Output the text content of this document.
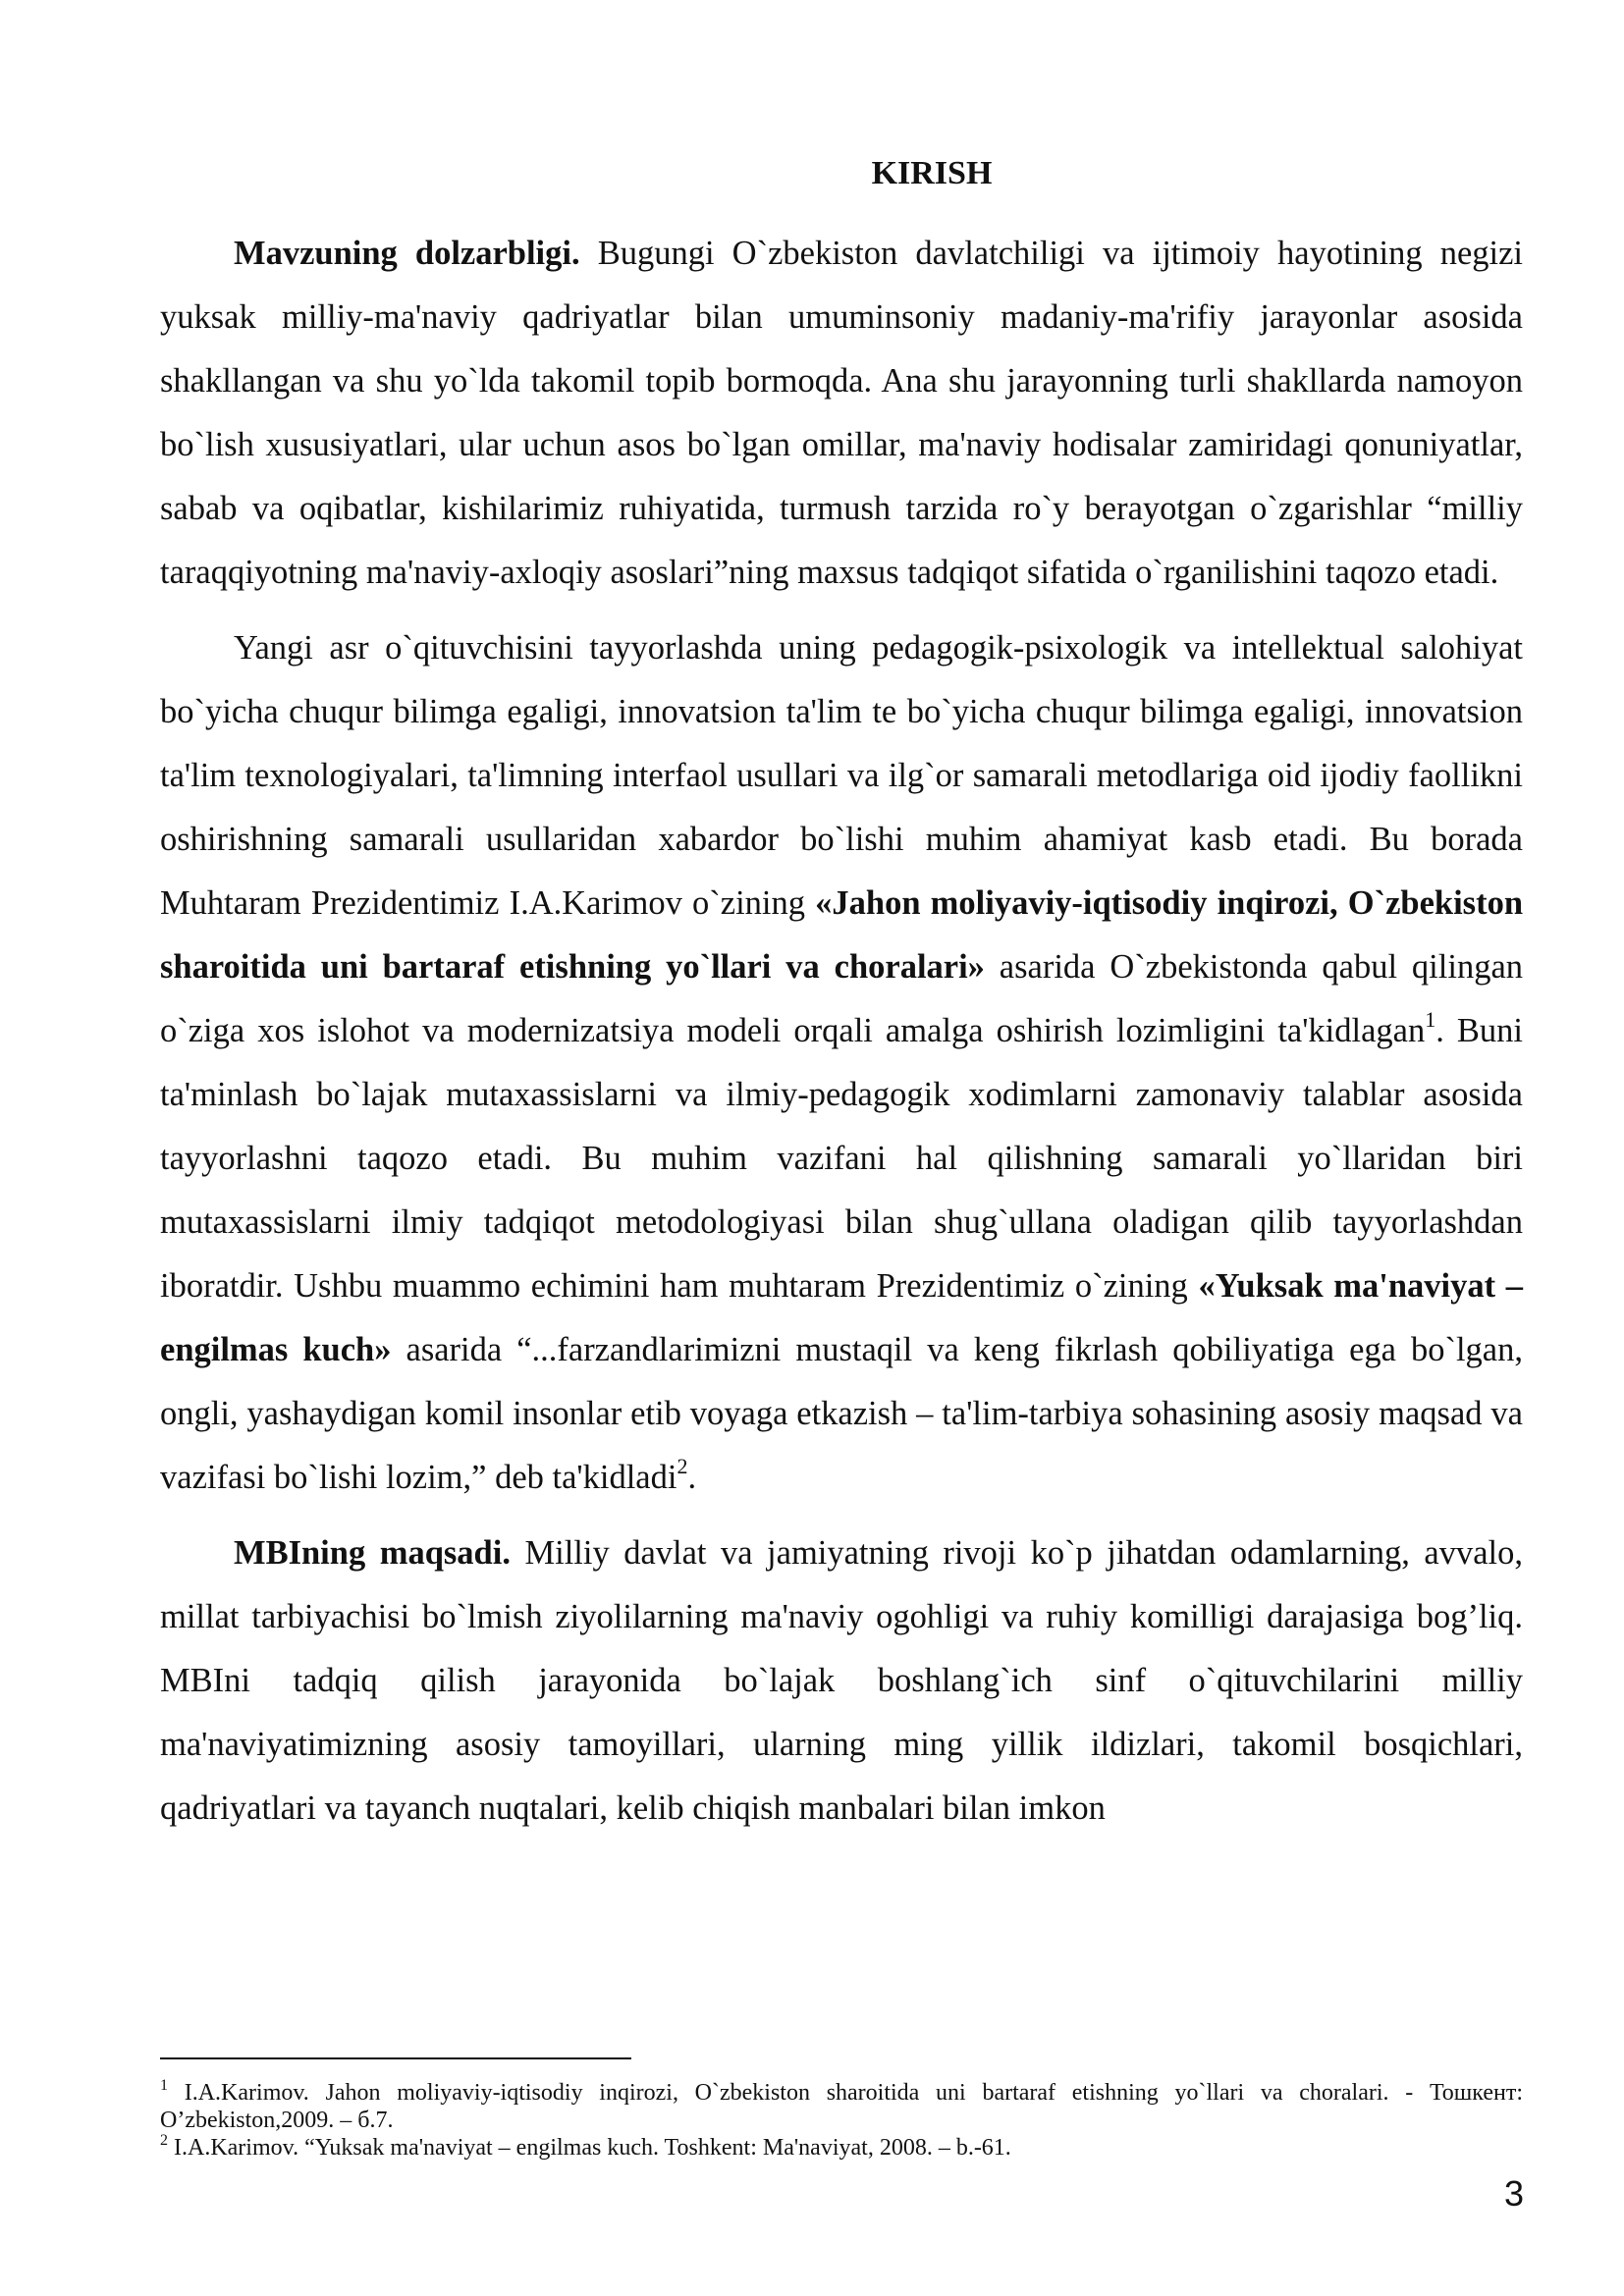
KIRISH

Mavzuning dolzarbligi. Bugungi O`zbekiston davlatchiligi va ijtimoiy hayotining negizi yuksak milliy-ma'naviy qadriyatlar bilan umuminsoniy madaniy-ma'rifiy jarayonlar asosida shakllangan va shu yo`lda takomil topib bormoqda. Ana shu jarayonning turli shakllarda namoyon bo`lish xususiyatlari, ular uchun asos bo`lgan omillar, ma'naviy hodisalar zamiridagi qonuniyatlar, sabab va oqibatlar, kishilarimiz ruhiyatida, turmush tarzida ro`y berayotgan o`zgarishlar “milliy taraqqiyotning ma'naviy-axloqiy asoslari”ning maxsus tadqiqot sifatida o`rganilishini taqozo etadi.

Yangi asr o`qituvchisini tayyorlashda uning pedagogik-psixologik va intellektual salohiyat bo`yicha chuqur bilimga egaligi, innovatsion ta'lim te bo`yicha chuqur bilimga egaligi, innovatsion ta'lim texnologiyalari, ta'limning interfaol usullari va ilg`or samarali metodlariga oid ijodiy faollikni oshirishning samarali usullaridan xabardor bo`lishi muhim ahamiyat kasb etadi. Bu borada Muhtaram Prezidentimiz I.A.Karimov o`zining «Jahon moliyaviy-iqtisodiy inqirozi, O`zbekiston sharoitida uni bartaraf etishning yo`llari va choralari» asarida O`zbekistonda qabul qilingan o`ziga xos islohot va modernizatsiya modeli orqali amalga oshirish lozimligini ta'kidlagan$^1$. Buni ta'minlash bo`lajak mutaxassislarni va ilmiy-pedagogik xodimlarni zamonaviy talablar asosida tayyorlashni taqozo etadi. Bu muhim vazifani hal qilishning samarali yo`llaridan biri mutaxassislarni ilmiy tadqiqot metodologiyasi bilan shug`ullana oladigan qilib tayyorlashdan iboratdir. Ushbu muammo echimini ham muhtaram Prezidentimiz o`zining «Yuksak ma'naviyat – engilmas kuch» asarida “...farzandlarimizni mustaqil va keng fikrlash qobiliyatiga ega bo`lgan, ongli, yashaydigan komil insonlar etib voyaga etkazish – ta'lim-tarbiya sohasining asosiy maqsad va vazifasi bo`lishi lozim,” deb ta'kidladi$^2$.

MBIning maqsadi. Milliy davlat va jamiyatning rivoji ko`p jihatdan odamlarning, avvalo, millat tarbiyachisi bo`lmish ziyolilarning ma'naviy ogohligi va ruhiy komilligi darajasiga bog’liq. MBIni tadqiq qilish jarayonida bo`lajak boshlang`ich sinf o`qituvchilarini milliy ma'naviyatimizning asosiy tamoyillari, ularning ming yillik ildizlari, takomil bosqichlari, qadriyatlari va tayanch nuqtalari, kelib chiqish manbalari bilan imkon

$^1$ I.A.Karimov. Jahon moliyaviy-iqtisodiy inqirozi, O`zbekiston sharoitida uni bartaraf etishning yo`llari va choralari. - Тошкент: O’zbekiston,2009. – б.7.

$^2$ I.A.Karimov. “Yuksak ma'naviyat – engilmas kuch. Toshkent: Ma'naviyat, 2008. – b.-61.

3
